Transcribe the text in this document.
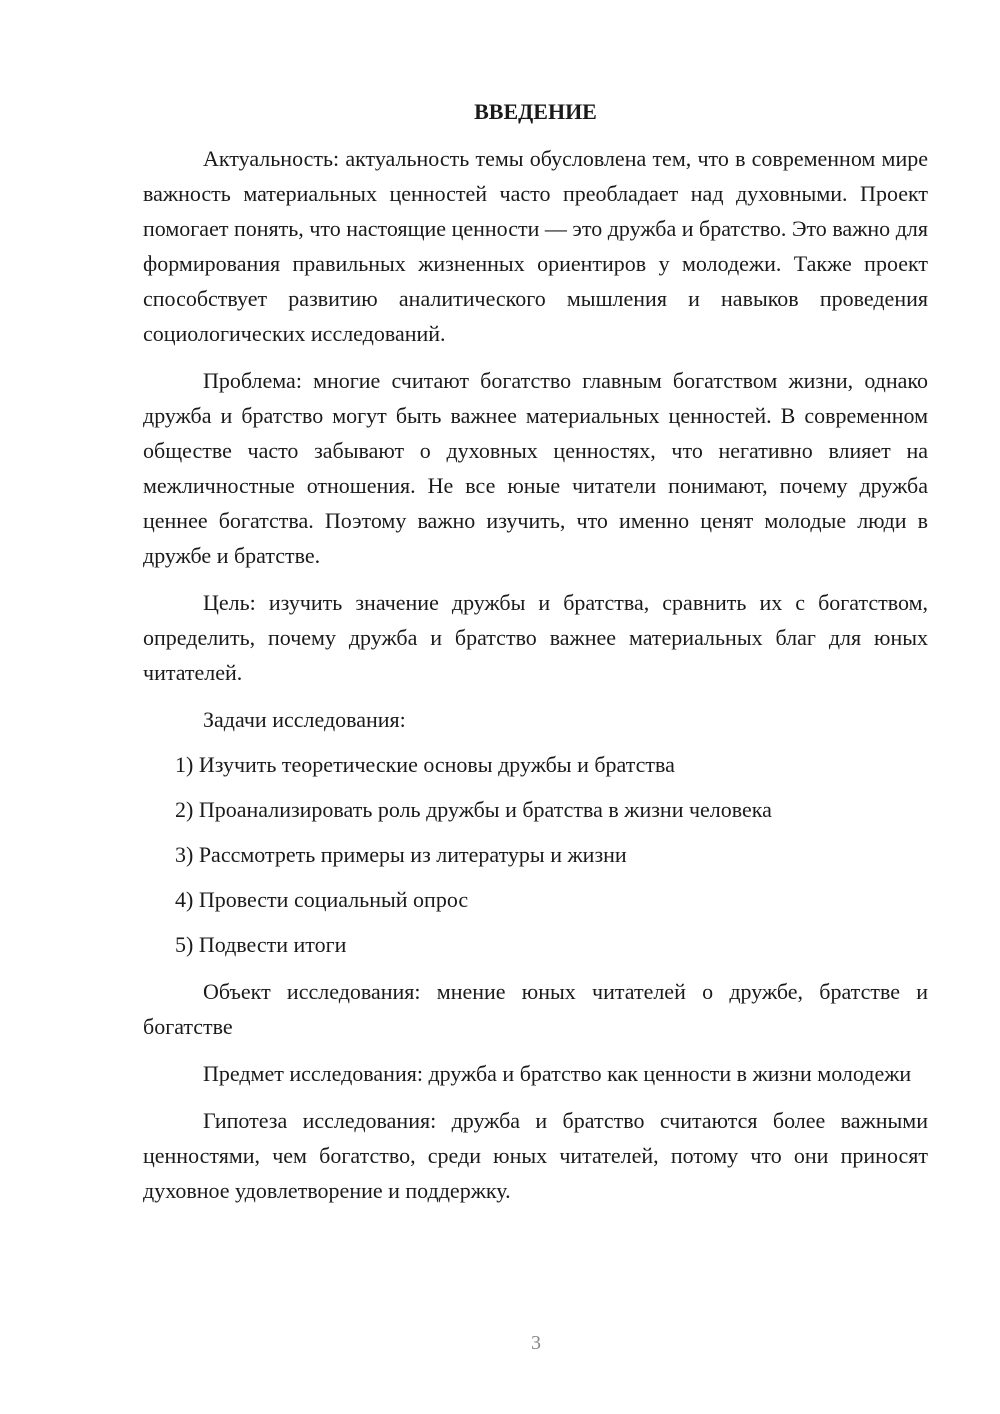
ВВЕДЕНИЕ

Актуальность: актуальность темы обусловлена тем, что в современном мире важность материальных ценностей часто преобладает над духовными. Проект помогает понять, что настоящие ценности — это дружба и братство. Это важно для формирования правильных жизненных ориентиров у молодежи. Также проект способствует развитию аналитического мышления и навыков проведения социологических исследований.

Проблема: многие считают богатство главным богатством жизни, однако дружба и братство могут быть важнее материальных ценностей. В современном обществе часто забывают о духовных ценностях, что негативно влияет на межличностные отношения. Не все юные читатели понимают, почему дружба ценнее богатства. Поэтому важно изучить, что именно ценят молодые люди в дружбе и братстве.

Цель: изучить значение дружбы и братства, сравнить их с богатством, определить, почему дружба и братство важнее материальных благ для юных читателей.

Задачи исследования:

1) Изучить теоретические основы дружбы и братства
2) Проанализировать роль дружбы и братства в жизни человека
3) Рассмотреть примеры из литературы и жизни
4) Провести социальный опрос
5) Подвести итоги

Объект исследования: мнение юных читателей о дружбе, братстве и богатстве

Предмет исследования: дружба и братство как ценности в жизни молодежи

Гипотеза исследования: дружба и братство считаются более важными ценностями, чем богатство, среди юных читателей, потому что они приносят духовное удовлетворение и поддержку.

3
